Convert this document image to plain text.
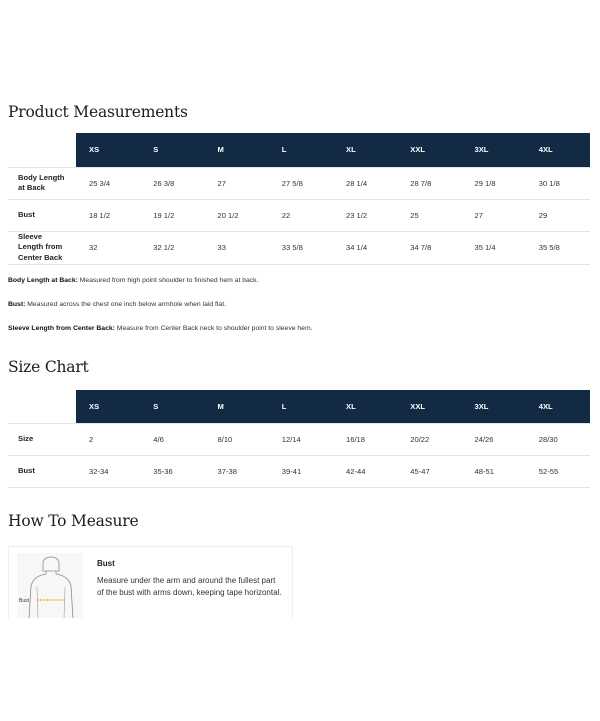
Product Measurements
	XS	S	M	L	XL	XXL	3XL	4XL
Body Length
at Back	25 3/4	26 3/8	27	27 5/8	28 1/4	28 7/8	29 1/8	30 1/8
Bust	18 1/2	19 1/2	20 1/2	22	23 1/2	25	27	29
Sleeve
Length from
Center Back	32	32 1/2	33	33 5/8	34 1/4	34 7/8	35 1/4	35 5/8
Body Length at Back: Measured from high point shoulder to finished hem at back.
Bust: Measured across the chest one inch below armhole when laid flat.
Sleeve Length from Center Back: Measure from Center Back neck to shoulder point to sleeve hem.
Size Chart
	XS	S	M	L	XL	XXL	3XL	4XL
Size	2	4/6	8/10	12/14	16/18	20/22	24/26	28/30
Bust	32-34	35-36	37-38	39-41	42-44	45-47	48-51	52-55
How To Measure
Bust
Bust
Measure under the arm and around the fullest part of the bust with arms down, keeping tape horizontal.
